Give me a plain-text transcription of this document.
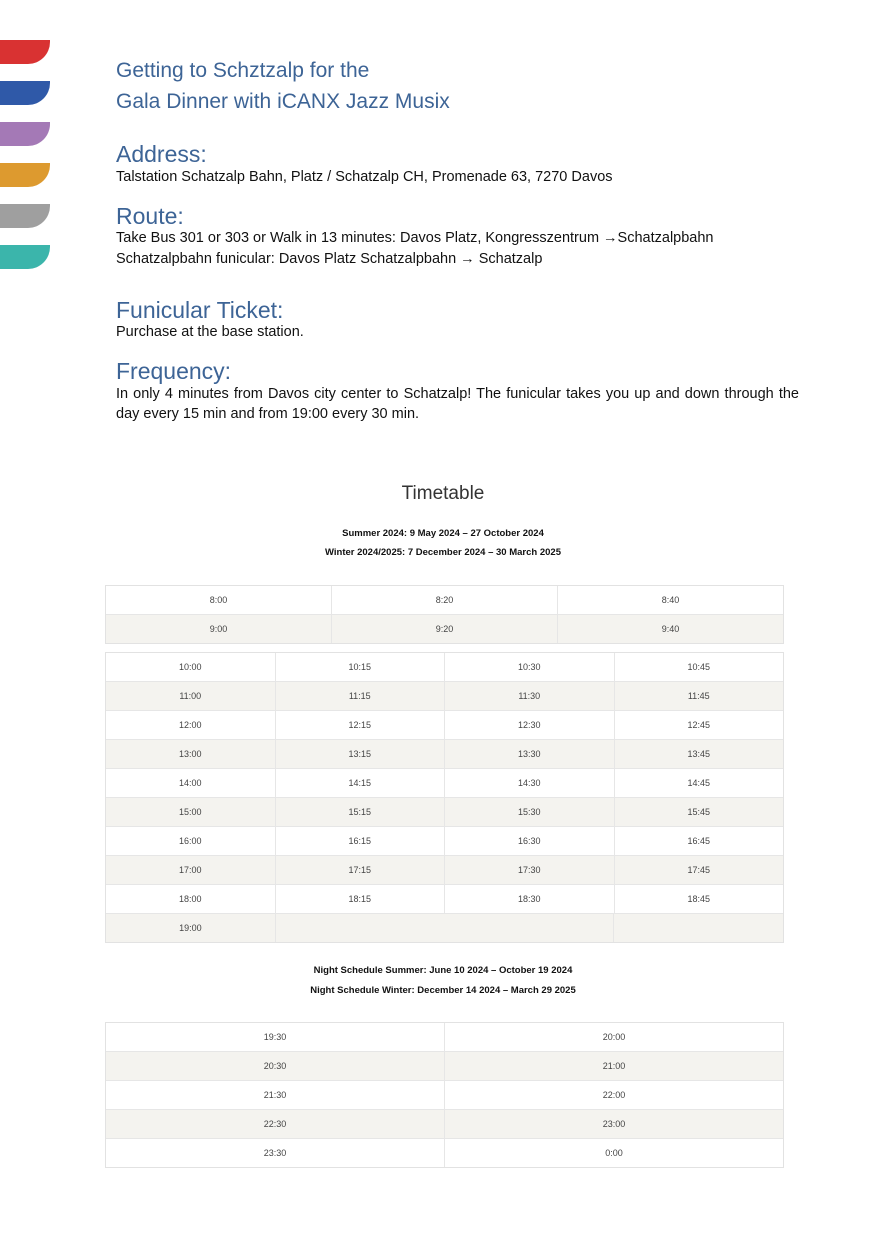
Getting to Schztzalp for the
Gala Dinner with iCANX Jazz Musix
Address:

Talstation Schatzalp Bahn, Platz / Schatzalp CH, Promenade 63, 7270 Davos

Route:

Take Bus 301 or 303 or Walk in 13 minutes: Davos Platz, Kongresszentrum →Schatzalpbahn

Schatzalpbahn funicular: Davos Platz Schatzalpbahn → Schatzalp

Funicular Ticket:

Purchase at the base station.

Frequency:

In only 4 minutes from Davos city center to Schatzalp! The funicular takes you up and down through the day every 15 min and from 19:00 every 30 min.

Timetable

Summer 2024: 9 May 2024 – 27 October 2024

Winter 2024/2025: 7 December 2024 – 30 March 2025

8:00	8:20	8:40
9:00	9:20	9:40
10:00	10:15	10:30	10:45
11:00	11:15	11:30	11:45
12:00	12:15	12:30	12:45
13:00	13:15	13:30	13:45
14:00	14:15	14:30	14:45
15:00	15:15	15:30	15:45
16:00	16:15	16:30	16:45
17:00	17:15	17:30	17:45
18:00	18:15	18:30	18:45
19:00

Night Schedule Summer: June 10 2024 – October 19 2024

Night Schedule Winter: December 14 2024 – March 29 2025

19:30	20:00
20:30	21:00
21:30	22:00
22:30	23:00
23:30	0:00
